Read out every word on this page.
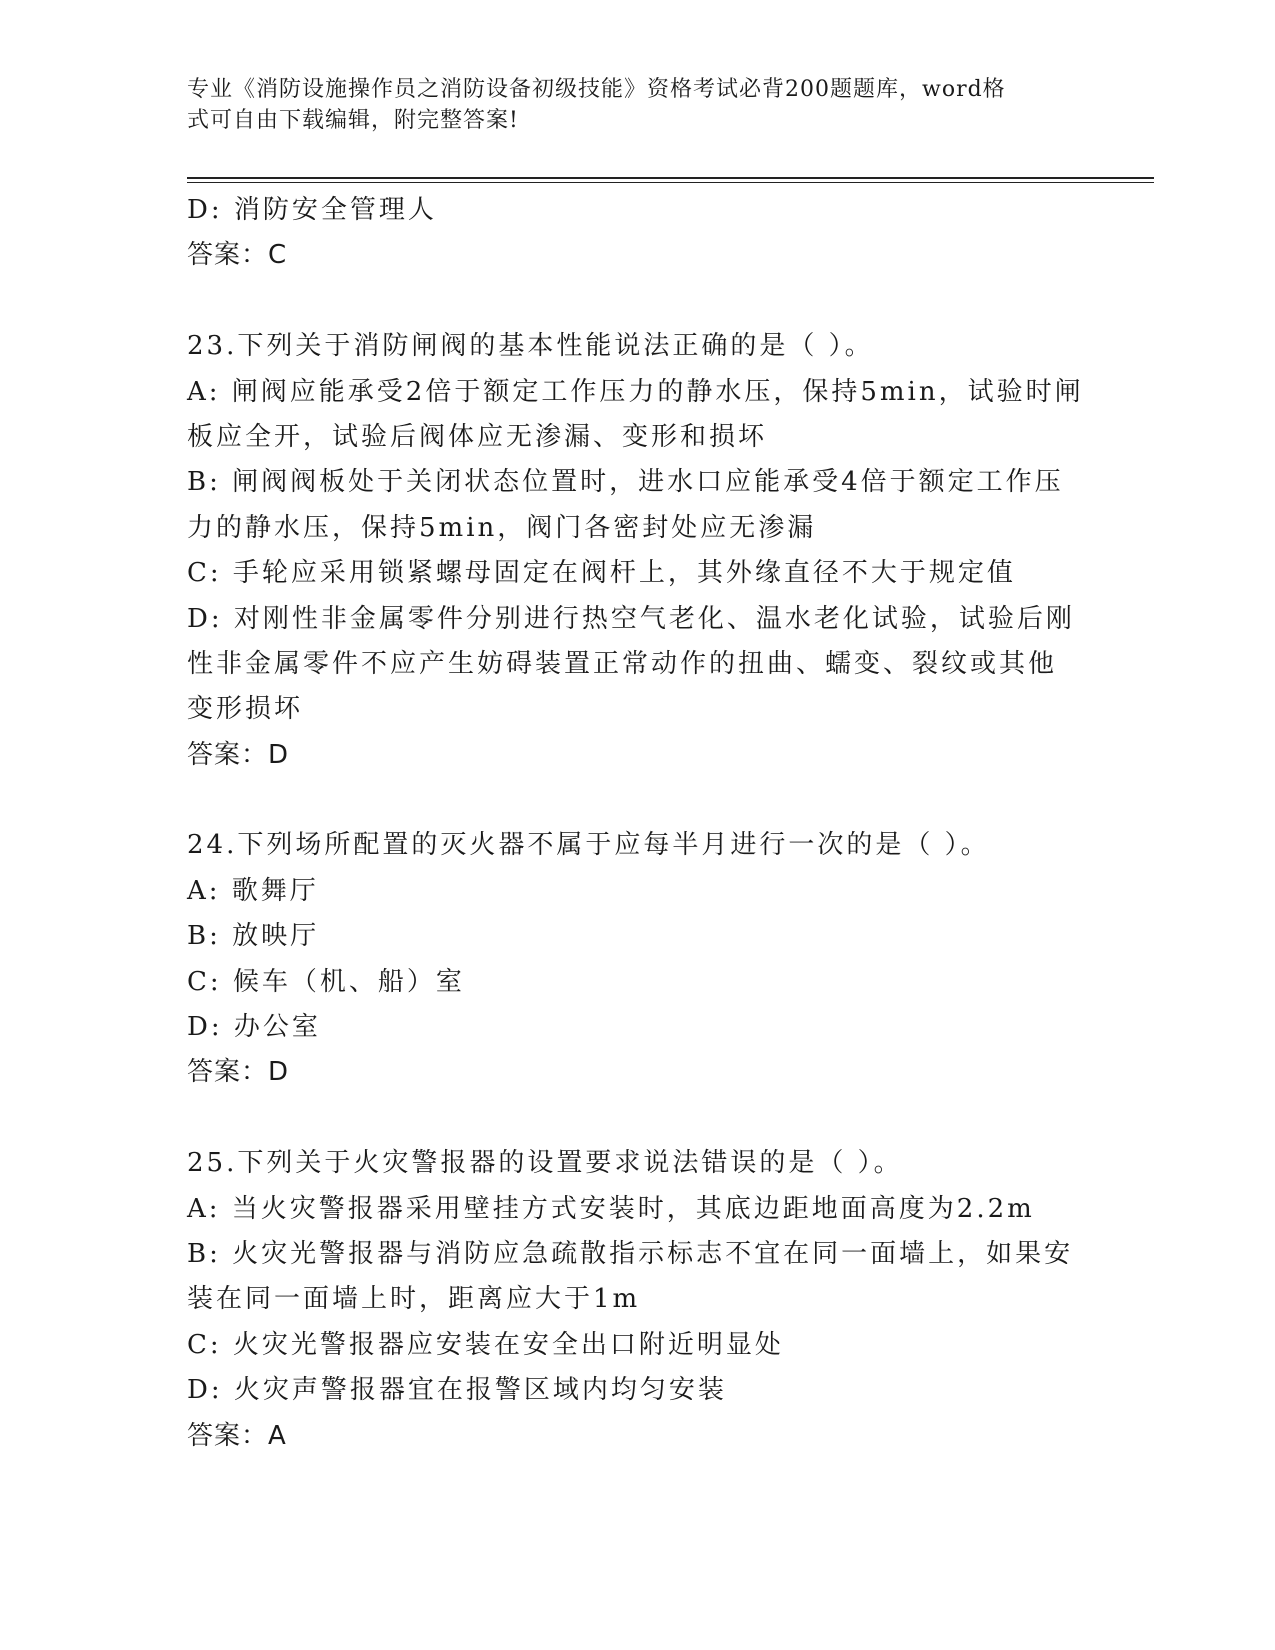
专业《消防设施操作员之消防设备初级技能》资格考试必背200题题库，word格
式可自由下载编辑，附完整答案!
D: 消防安全管理人
答案：C
23.下列关于消防闸阀的基本性能说法正确的是（ ）。
A: 闸阀应能承受2倍于额定工作压力的静水压，保持5min，试验时闸
板应全开，试验后阀体应无渗漏、变形和损坏
B: 闸阀阀板处于关闭状态位置时，进水口应能承受4倍于额定工作压
力的静水压，保持5min，阀门各密封处应无渗漏
C: 手轮应采用锁紧螺母固定在阀杆上，其外缘直径不大于规定值
D: 对刚性非金属零件分别进行热空气老化、温水老化试验，试验后刚
性非金属零件不应产生妨碍装置正常动作的扭曲、蠕变、裂纹或其他
变形损坏
答案：D
24.下列场所配置的灭火器不属于应每半月进行一次的是（ ）。
A: 歌舞厅
B: 放映厅
C: 候车（机、船）室
D: 办公室
答案：D
25.下列关于火灾警报器的设置要求说法错误的是（ ）。
A: 当火灾警报器采用壁挂方式安装时，其底边距地面高度为2.2m
B: 火灾光警报器与消防应急疏散指示标志不宜在同一面墙上，如果安
装在同一面墙上时，距离应大于1m
C: 火灾光警报器应安装在安全出口附近明显处
D: 火灾声警报器宜在报警区域内均匀安装
答案：A
